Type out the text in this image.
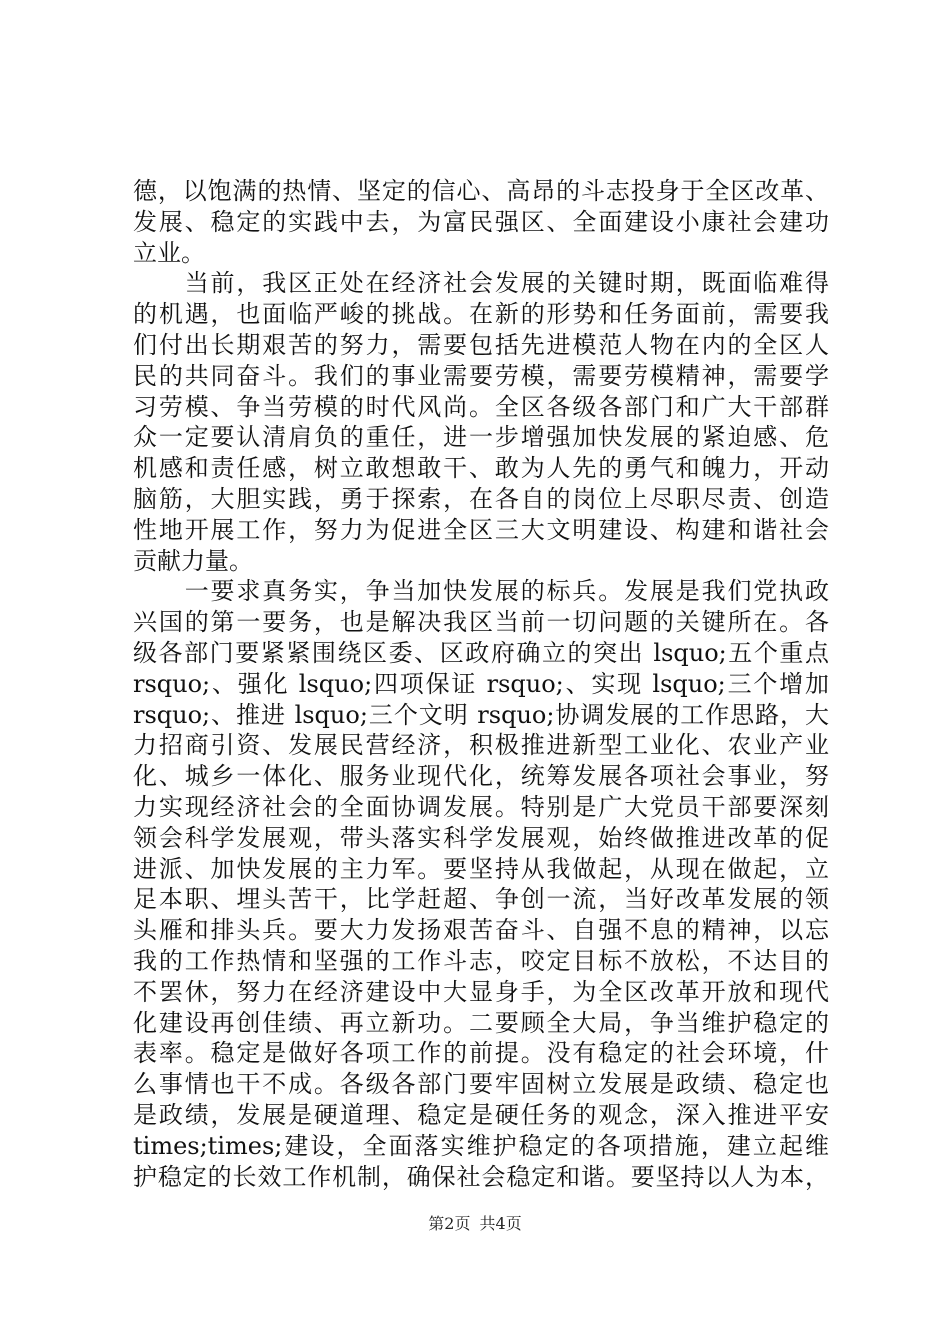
德，以饱满的热情、坚定的信心、高昂的斗志投身于全区改革、
发展、稳定的实践中去，为富民强区、全面建设小康社会建功
立业。
　　当前，我区正处在经济社会发展的关键时期，既面临难得
的机遇，也面临严峻的挑战。在新的形势和任务面前，需要我
们付出长期艰苦的努力，需要包括先进模范人物在内的全区人
民的共同奋斗。我们的事业需要劳模，需要劳模精神，需要学
习劳模、争当劳模的时代风尚。全区各级各部门和广大干部群
众一定要认清肩负的重任，进一步增强加快发展的紧迫感、危
机感和责任感，树立敢想敢干、敢为人先的勇气和魄力，开动
脑筋，大胆实践，勇于探索，在各自的岗位上尽职尽责、创造
性地开展工作，努力为促进全区三大文明建设、构建和谐社会
贡献力量。
　　一要求真务实，争当加快发展的标兵。发展是我们党执政
兴国的第一要务，也是解决我区当前一切问题的关键所在。各
级各部门要紧紧围绕区委、区政府确立的突出 lsquo;五个重点
rsquo;、强化 lsquo;四项保证 rsquo;、实现 lsquo;三个增加
rsquo;、推进 lsquo;三个文明 rsquo;协调发展的工作思路，大
力招商引资、发展民营经济，积极推进新型工业化、农业产业
化、城乡一体化、服务业现代化，统筹发展各项社会事业，努
力实现经济社会的全面协调发展。特别是广大党员干部要深刻
领会科学发展观，带头落实科学发展观，始终做推进改革的促
进派、加快发展的主力军。要坚持从我做起，从现在做起，立
足本职、埋头苦干，比学赶超、争创一流，当好改革发展的领
头雁和排头兵。要大力发扬艰苦奋斗、自强不息的精神，以忘
我的工作热情和坚强的工作斗志，咬定目标不放松，不达目的
不罢休，努力在经济建设中大显身手，为全区改革开放和现代
化建设再创佳绩、再立新功。二要顾全大局，争当维护稳定的
表率。稳定是做好各项工作的前提。没有稳定的社会环境，什
么事情也干不成。各级各部门要牢固树立发展是政绩、稳定也
是政绩，发展是硬道理、稳定是硬任务的观念，深入推进平安
times;times;建设，全面落实维护稳定的各项措施，建立起维
护稳定的长效工作机制，确保社会稳定和谐。要坚持以人为本，
第2页 共4页
